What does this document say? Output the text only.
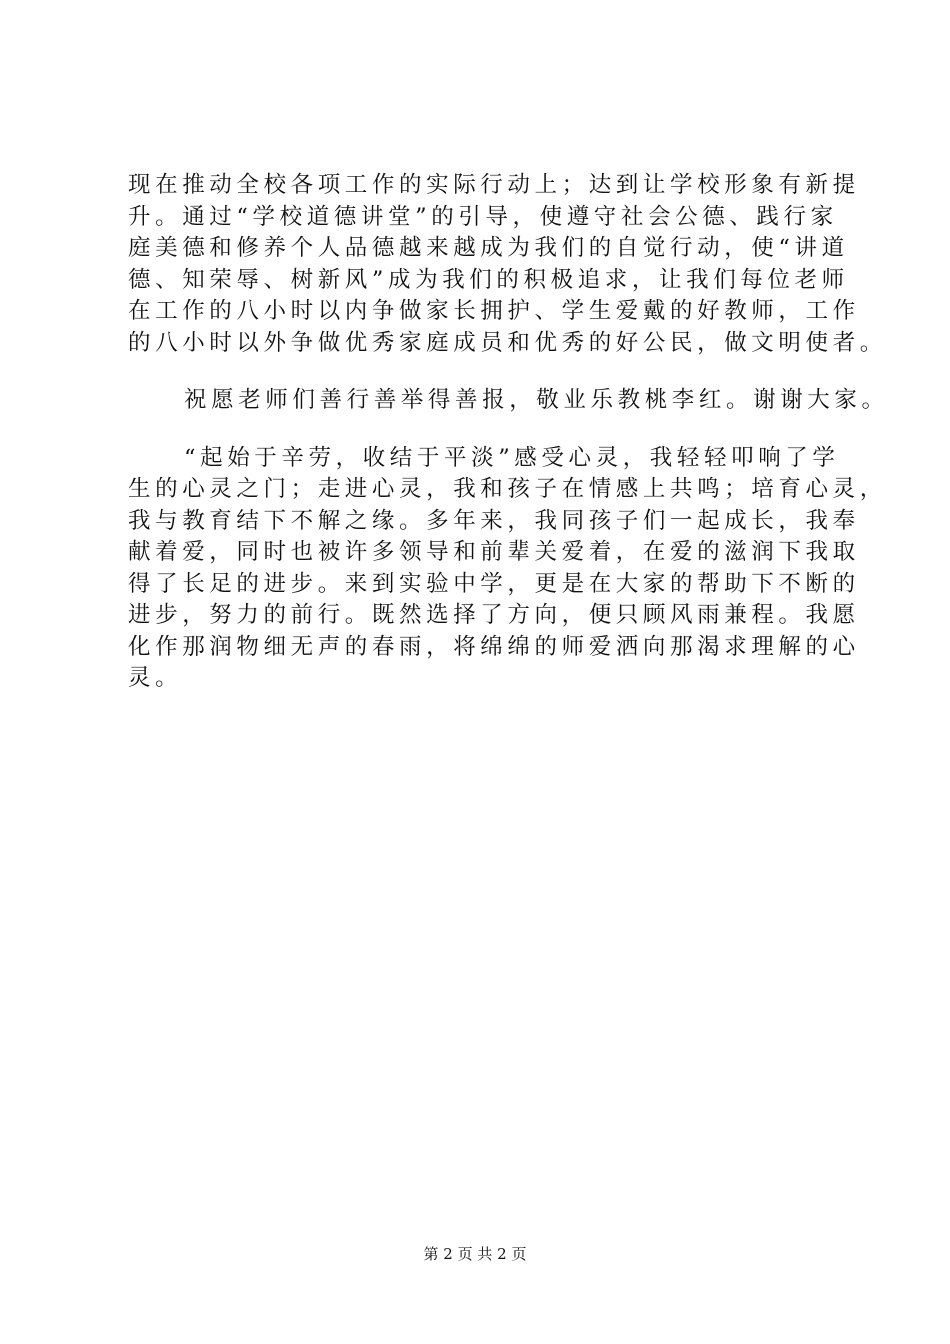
现在推动全校各项工作的实际行动上；达到让学校形象有新提
升。通过“学校道德讲堂”的引导，使遵守社会公德、践行家
庭美德和修养个人品德越来越成为我们的自觉行动，使“讲道
德、知荣辱、树新风”成为我们的积极追求，让我们每位老师
在工作的八小时以内争做家长拥护、学生爱戴的好教师，工作
的八小时以外争做优秀家庭成员和优秀的好公民，做文明使者。

祝愿老师们善行善举得善报，敬业乐教桃李红。谢谢大家。

“起始于辛劳，收结于平淡”感受心灵，我轻轻叩响了学
生的心灵之门；走进心灵，我和孩子在情感上共鸣；培育心灵，
我与教育结下不解之缘。多年来，我同孩子们一起成长，我奉
献着爱，同时也被许多领导和前辈关爱着，在爱的滋润下我取
得了长足的进步。来到实验中学，更是在大家的帮助下不断的
进步，努力的前行。既然选择了方向，便只顾风雨兼程。我愿
化作那润物细无声的春雨，将绵绵的师爱洒向那渴求理解的心
灵。

第 2 页 共 2 页
